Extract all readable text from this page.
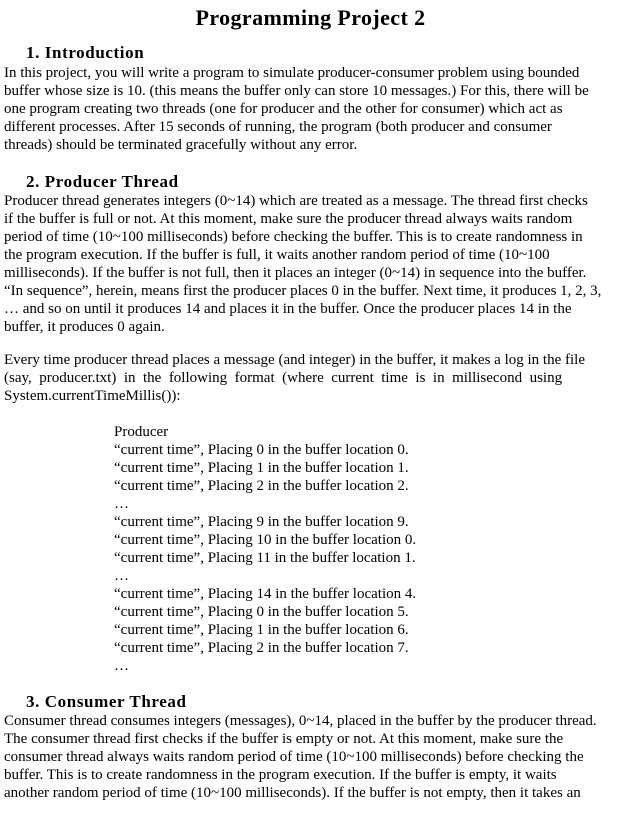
Programming Project 2
1. Introduction
In this project, you will write a program to simulate producer-consumer problem using bounded
buffer whose size is 10. (this means the buffer only can store 10 messages.) For this, there will be
one program creating two threads (one for producer and the other for consumer) which act as
different processes. After 15 seconds of running, the program (both producer and consumer
threads) should be terminated gracefully without any error.
2. Producer Thread
Producer thread generates integers (0~14) which are treated as a message. The thread first checks
if the buffer is full or not. At this moment, make sure the producer thread always waits random
period of time (10~100 milliseconds) before checking the buffer. This is to create randomness in
the program execution. If the buffer is full, it waits another random period of time (10~100
milliseconds). If the buffer is not full, then it places an integer (0~14) in sequence into the buffer.
“In sequence”, herein, means first the producer places 0 in the buffer. Next time, it produces 1, 2, 3,
… and so on until it produces 14 and places it in the buffer. Once the producer places 14 in the
buffer, it produces 0 again.
Every time producer thread places a message (and integer) in the buffer, it makes a log in the file
(say,  producer.txt)  in  the  following  format  (where  current  time  is  in  millisecond  using
System.currentTimeMillis()):
Producer
“current time”, Placing 0 in the buffer location 0.
“current time”, Placing 1 in the buffer location 1.
“current time”, Placing 2 in the buffer location 2.
…
“current time”, Placing 9 in the buffer location 9.
“current time”, Placing 10 in the buffer location 0.
“current time”, Placing 11 in the buffer location 1.
…
“current time”, Placing 14 in the buffer location 4.
“current time”, Placing 0 in the buffer location 5.
“current time”, Placing 1 in the buffer location 6.
“current time”, Placing 2 in the buffer location 7.
…
3. Consumer Thread
Consumer thread consumes integers (messages), 0~14, placed in the buffer by the producer thread.
The consumer thread first checks if the buffer is empty or not. At this moment, make sure the
consumer thread always waits random period of time (10~100 milliseconds) before checking the
buffer. This is to create randomness in the program execution. If the buffer is empty, it waits
another random period of time (10~100 milliseconds). If the buffer is not empty, then it takes an
